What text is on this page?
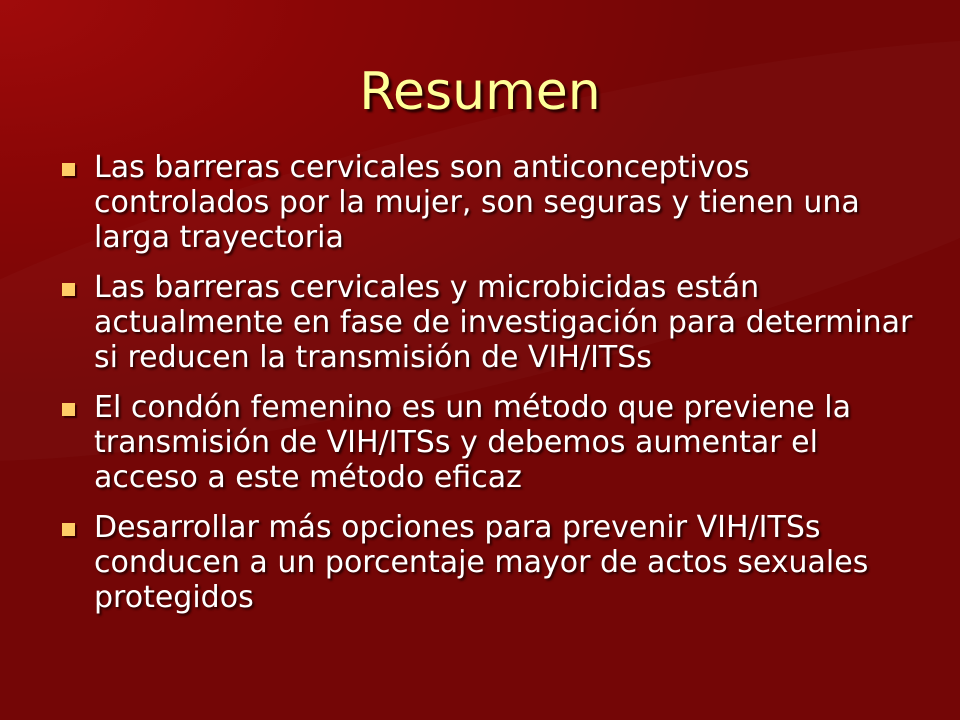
Resumen
Las barreras cervicales son anticonceptivos controlados por la mujer, son seguras y tienen una larga trayectoria
Las barreras cervicales y microbicidas están actualmente en fase de investigación para determinar si reducen la transmisión de VIH/ITSs
El condón femenino es un método que previene la transmisión de VIH/ITSs y debemos aumentar el acceso a este método eficaz
Desarrollar más opciones para prevenir VIH/ITSs conducen a un porcentaje mayor de actos sexuales protegidos
